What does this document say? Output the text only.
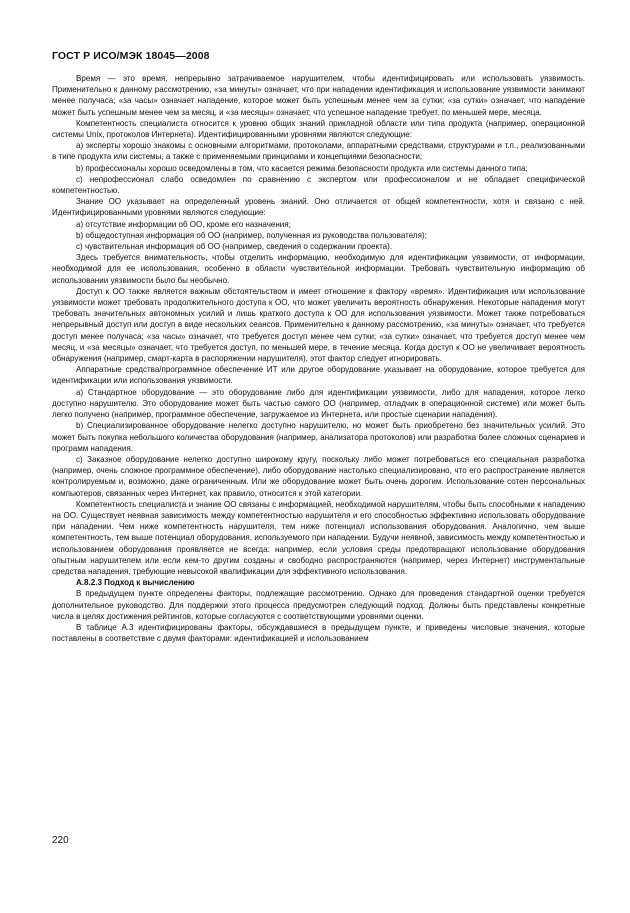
ГОСТ Р ИСО/МЭК 18045—2008

Время — это время, непрерывно затрачиваемое нарушителем, чтобы идентифицировать или использовать уязвимость. Применительно к данному рассмотрению, «за минуты» означает, что при нападении идентификация и использование уязвимости занимают менее получаса; «за часы» означает нападение, которое может быть успешным менее чем за сутки; «за сутки» означает, что нападение может быть успешным менее чем за месяц, и «за месяцы» означает, что успешное нападение требует, по меньшей мере, месяца.

Компетентность специалиста относится к уровню общих знаний прикладной области или типа продукта (например, операционной системы Unix, протоколов Интернета). Идентифицированными уровнями являются следующие:

а) эксперты хорошо знакомы с основными алгоритмами, протоколами, аппаратными средствами, структурами и т.п., реализованными в типе продукта или системы, а также с применяемыми принципами и концепциями безопасности;

b) профессионалы хорошо осведомлены в том, что касается режима безопасности продукта или системы данного типа;

c) непрофессионал слабо осведомлен по сравнению с экспертом или профессионалом и не обладает специфической компетентностью.

Знание ОО указывает на определенный уровень знаний. Оно отличается от общей компетентности, хотя и связано с ней. Идентифицированными уровнями являются следующие:

а) отсутствие информации об ОО, кроме его назначения;

b) общедоступная информация об ОО (например, полученная из руководства пользователя);

c) чувствительная информация об ОО (например, сведения о содержании проекта).

Здесь требуется внимательность, чтобы отделить информацию, необходимую для идентификации уязвимости, от информации, необходимой для ее использования, особенно в области чувствительной информации. Требовать чувствительную информацию об использовании уязвимости было бы необычно.

Доступ к ОО также является важным обстоятельством и имеет отношение к фактору «время». Идентификация или использование уязвимости может требовать продолжительного доступа к ОО, что может увеличить вероятность обнаружения. Некоторые нападения могут требовать значительных автономных усилий и лишь краткого доступа к ОО для использования уязвимости. Может также потребоваться непрерывный доступ или доступ в виде нескольких сеансов. Применительно к данному рассмотрению, «за минуты» означает, что требуется доступ менее получаса; «за часы» означает, что требуется доступ менее чем сутки; «за сутки» означает, что требуется доступ менее чем месяц, и «за месяцы» означает, что требуется доступ, по меньшей мере, в течение месяца. Когда доступ к ОО не увеличивает вероятность обнаружения (например, смарт-карта в распоряжении нарушителя), этот фактор следует игнорировать.

Аппаратные средства/программное обеспечение ИТ или другое оборудование указывает на оборудование, которое требуется для идентификации или использования уязвимости.

а) Стандартное оборудование — это оборудование либо для идентификации уязвимости, либо для нападения, которое легко доступно нарушителю. Это оборудование может быть частью самого ОО (например, отладчик в операционной системе) или может быть легко получено (например, программное обеспечение, загружаемое из Интернета, или простые сценарии нападения).

b) Специализированное оборудование нелегко доступно нарушителю, но может быть приобретено без значительных усилий. Это может быть покупка небольшого количества оборудования (например, анализатора протоколов) или разработка более сложных сценариев и программ нападения.

c) Заказное оборудование нелегко доступно широкому кругу, поскольку либо может потребоваться его специальная разработка (например, очень сложное программное обеспечение), либо оборудование настолько специализировано, что его распространение является контролируемым и, возможно, даже ограниченным. Или же оборудование может быть очень дорогим. Использование сотен персональных компьютеров, связанных через Интернет, как правило, относится к этой категории.

Компетентность специалиста и знание ОО связаны с информацией, необходимой нарушителям, чтобы быть способными к нападению на ОО. Существует неявная зависимость между компетентностью нарушителя и его способностью эффективно использовать оборудование при нападении. Чем ниже компетентность нарушителя, тем ниже потенциал использования оборудования. Аналогично, чем выше компетентность, тем выше потенциал оборудования, используемого при нападении. Будучи неявной, зависимость между компетентностью и использованием оборудования проявляется не всегда: например, если условия среды предотвращают использование оборудования опытным нарушителем или если кем-то другим созданы и свободно распространяются (например, через Интернет) инструментальные средства нападения, требующие невысокой квалификации для эффективного использования.

А.8.2.3 Подход к вычислению

В предыдущем пункте определены факторы, подлежащие рассмотрению. Однако для проведения стандартной оценки требуется дополнительное руководство. Для поддержки этого процесса предусмотрен следующий подход. Должны быть представлены конкретные числа в целях достижения рейтингов, которые согласуются с соответствующими уровнями оценки.

В таблице А.3 идентифицированы факторы, обсуждавшиеся в предыдущем пункте, и приведены числовые значения, которые поставлены в соответствие с двумя факторами: идентификацией и использованием

220
